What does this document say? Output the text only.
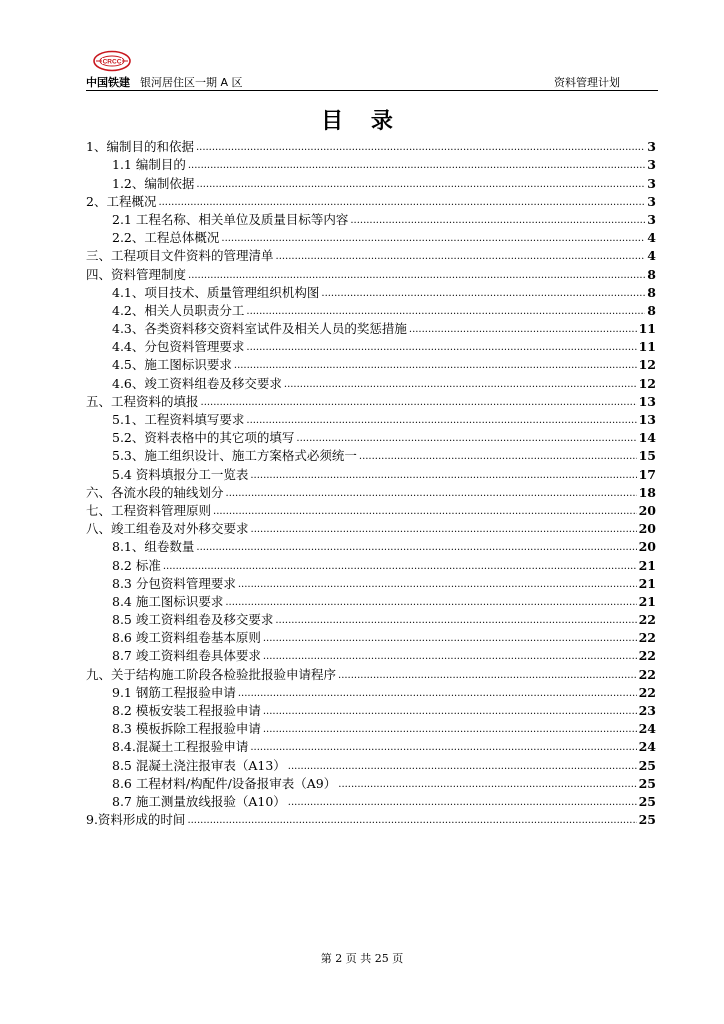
CRCC
中国铁建 银河居住区一期 A 区	资料管理计划
目 录
1、编制目的和依据 .....	3
1.1 编制目的 .....	3
1.2、编制依据 .....	3
2、工程概况 .....	3
2.1 工程名称、相关单位及质量目标等内容 .....	3
2.2、工程总体概况 .....	4
三、工程项目文件资料的管理清单 .....	4
四、资料管理制度 .....	8
4.1、项目技术、质量管理组织机构图 .....	8
4.2、相关人员职责分工 .....	8
4.3、各类资料移交资料室试件及相关人员的奖惩措施 .....	11
4.4、分包资料管理要求 .....	11
4.5、施工图标识要求 .....	12
4.6、竣工资料组卷及移交要求 .....	12
五、工程资料的填报 .....	13
5.1、工程资料填写要求 .....	13
5.2、资料表格中的其它项的填写 .....	14
5.3、施工组织设计、施工方案格式必须统一 .....	15
5.4 资料填报分工一览表 .....	17
六、各流水段的轴线划分 .....	18
七、工程资料管理原则 .....	20
八、竣工组卷及对外移交要求 .....	20
8.1、组卷数量 .....	20
8.2 标准 .....	21
8.3 分包资料管理要求 .....	21
8.4 施工图标识要求 .....	21
8.5 竣工资料组卷及移交要求 .....	22
8.6 竣工资料组卷基本原则 .....	22
8.7 竣工资料组卷具体要求 .....	22
九、关于结构施工阶段各检验批报验申请程序 .....	22
9.1 钢筋工程报验申请 .....	22
8.2 模板安装工程报验申请 .....	23
8.3 模板拆除工程报验申请 .....	24
8.4.混凝土工程报验申请 .....	24
8.5 混凝土浇注报审表（A13） .....	25
8.6 工程材料/构配件/设备报审表（A9） .....	25
8.7 施工测量放线报验（A10） .....	25
9.资料形成的时间 .....	25
第 2 页 共 25 页
